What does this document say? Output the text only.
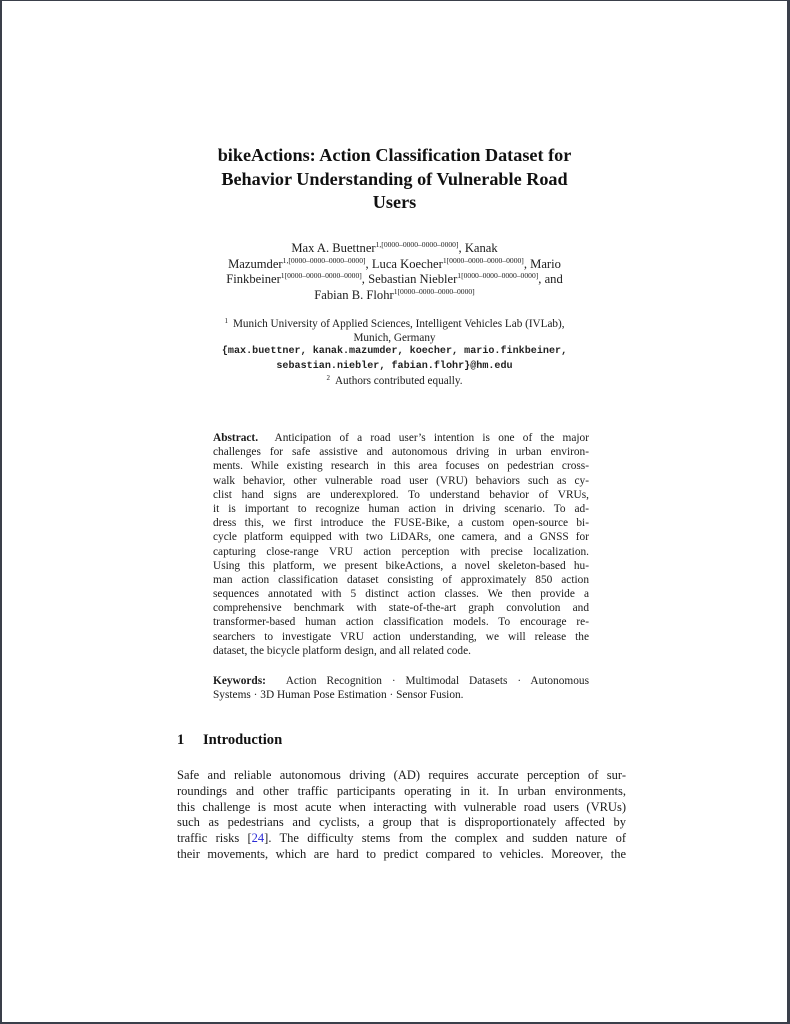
bikeActions: Action Classification Dataset for
Behavior Understanding of Vulnerable Road
Users
Max A. Buettner$^{1,[0000-0000-0000-0000]}$, Kanak
Mazumder$^{1,[0000-0000-0000-0000]}$, Luca Koecher$^{1[0000-0000-0000-0000]}$, Mario
Finkbeiner$^{1[0000-0000-0000-0000]}$, Sebastian Niebler$^{1[0000-0000-0000-0000]}$, and
Fabian B. Flohr$^{1[0000-0000-0000-0000]}$
$^1$ Munich University of Applied Sciences, Intelligent Vehicles Lab (IVLab),
Munich, Germany
{max.buettner, kanak.mazumder, koecher, mario.finkbeiner,
sebastian.niebler, fabian.flohr}@hm.edu
$^2$ Authors contributed equally.
Abstract. Anticipation of a road user’s intention is one of the major
challenges for safe assistive and autonomous driving in urban environ-
ments. While existing research in this area focuses on pedestrian cross-
walk behavior, other vulnerable road user (VRU) behaviors such as cy-
clist hand signs are underexplored. To understand behavior of VRUs,
it is important to recognize human action in driving scenario. To ad-
dress this, we first introduce the FUSE-Bike, a custom open-source bi-
cycle platform equipped with two LiDARs, one camera, and a GNSS for
capturing close-range VRU action perception with precise localization.
Using this platform, we present bikeActions, a novel skeleton-based hu-
man action classification dataset consisting of approximately 850 action
sequences annotated with 5 distinct action classes. We then provide a
comprehensive benchmark with state-of-the-art graph convolution and
transformer-based human action classification models. To encourage re-
searchers to investigate VRU action understanding, we will release the
dataset, the bicycle platform design, and all related code.
Keywords: Action Recognition · Multimodal Datasets · Autonomous
Systems · 3D Human Pose Estimation · Sensor Fusion.
1 Introduction
Safe and reliable autonomous driving (AD) requires accurate perception of sur-
roundings and other traffic participants operating in it. In urban environments,
this challenge is most acute when interacting with vulnerable road users (VRUs)
such as pedestrians and cyclists, a group that is disproportionately affected by
traffic risks [24]. The difficulty stems from the complex and sudden nature of
their movements, which are hard to predict compared to vehicles. Moreover, the
